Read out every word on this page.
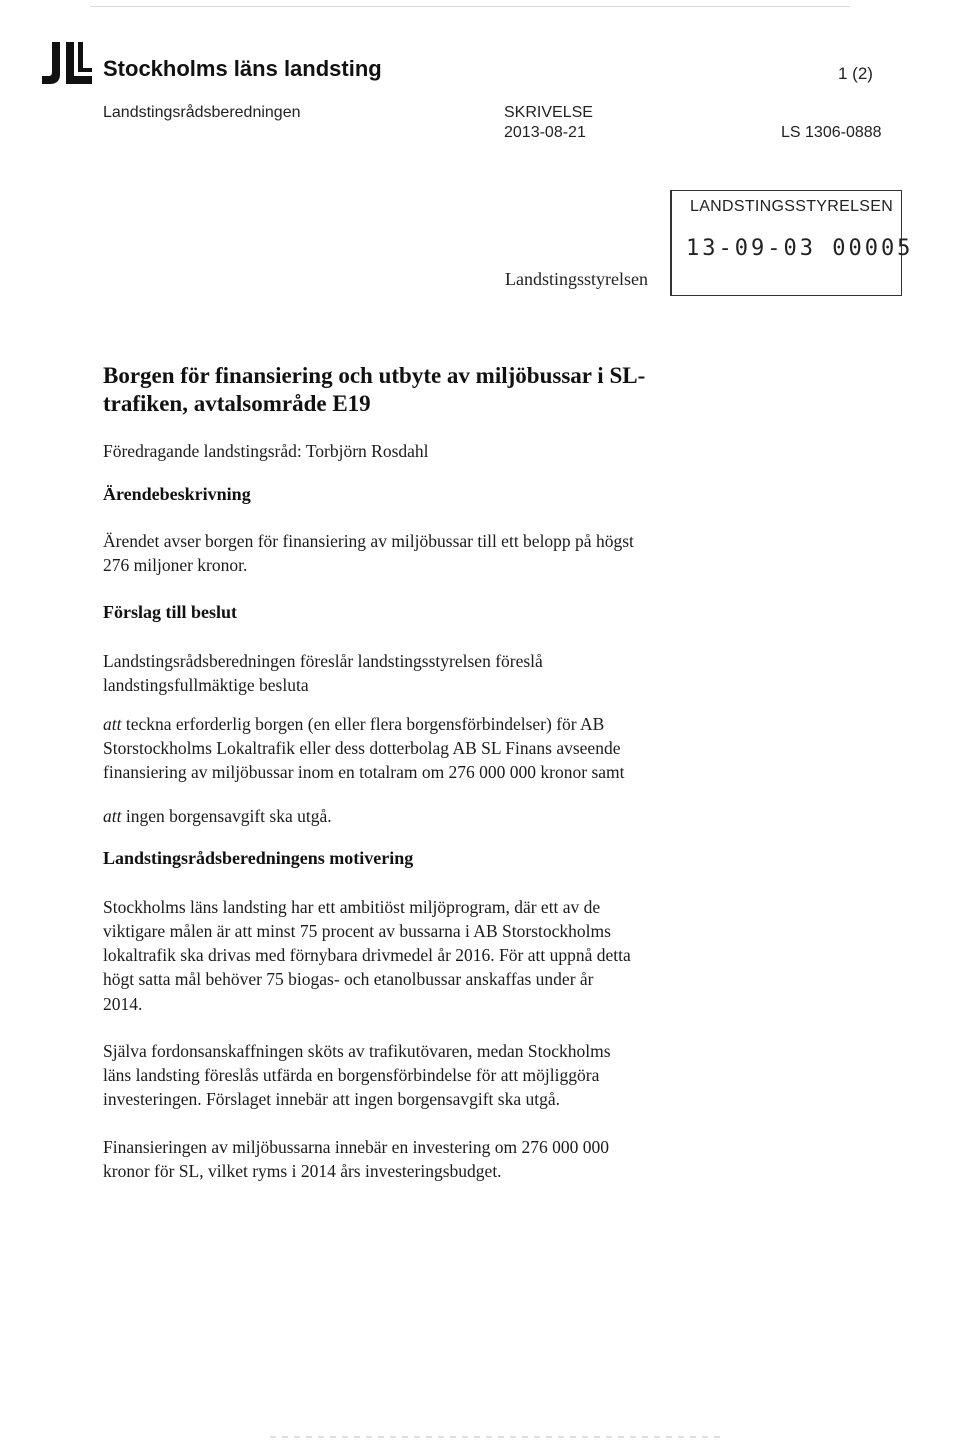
Stockholms läns landsting	1 (2)
Landstingsrådsberedningen	SKRIVELSE
2013-08-21	LS 1306-0888
LANDSTINGSSTYRELSEN
13-09-03 00005
Landstingsstyrelsen
Borgen för finansiering och utbyte av miljöbussar i SL-
trafiken, avtalsområde E19
Föredragande landstingsråd: Torbjörn Rosdahl
Ärendebeskrivning
Ärendet avser borgen för finansiering av miljöbussar till ett belopp på högst
276 miljoner kronor.
Förslag till beslut
Landstingsrådsberedningen föreslår landstingsstyrelsen föreslå
landstingsfullmäktige besluta
att teckna erforderlig borgen (en eller flera borgensförbindelser) för AB
Storstockholms Lokaltrafik eller dess dotterbolag AB SL Finans avseende
finansiering av miljöbussar inom en totalram om 276 000 000 kronor samt
att ingen borgensavgift ska utgå.
Landstingsrådsberedningens motivering
Stockholms läns landsting har ett ambitiöst miljöprogram, där ett av de
viktigare målen är att minst 75 procent av bussarna i AB Storstockholms
lokaltrafik ska drivas med förnybara drivmedel år 2016. För att uppnå detta
högt satta mål behöver 75 biogas- och etanolbussar anskaffas under år
2014.
Själva fordonsanskaffningen sköts av trafikutövaren, medan Stockholms
läns landsting föreslås utfärda en borgensförbindelse för att möjliggöra
investeringen. Förslaget innebär att ingen borgensavgift ska utgå.
Finansieringen av miljöbussarna innebär en investering om 276 000 000
kronor för SL, vilket ryms i 2014 års investeringsbudget.
